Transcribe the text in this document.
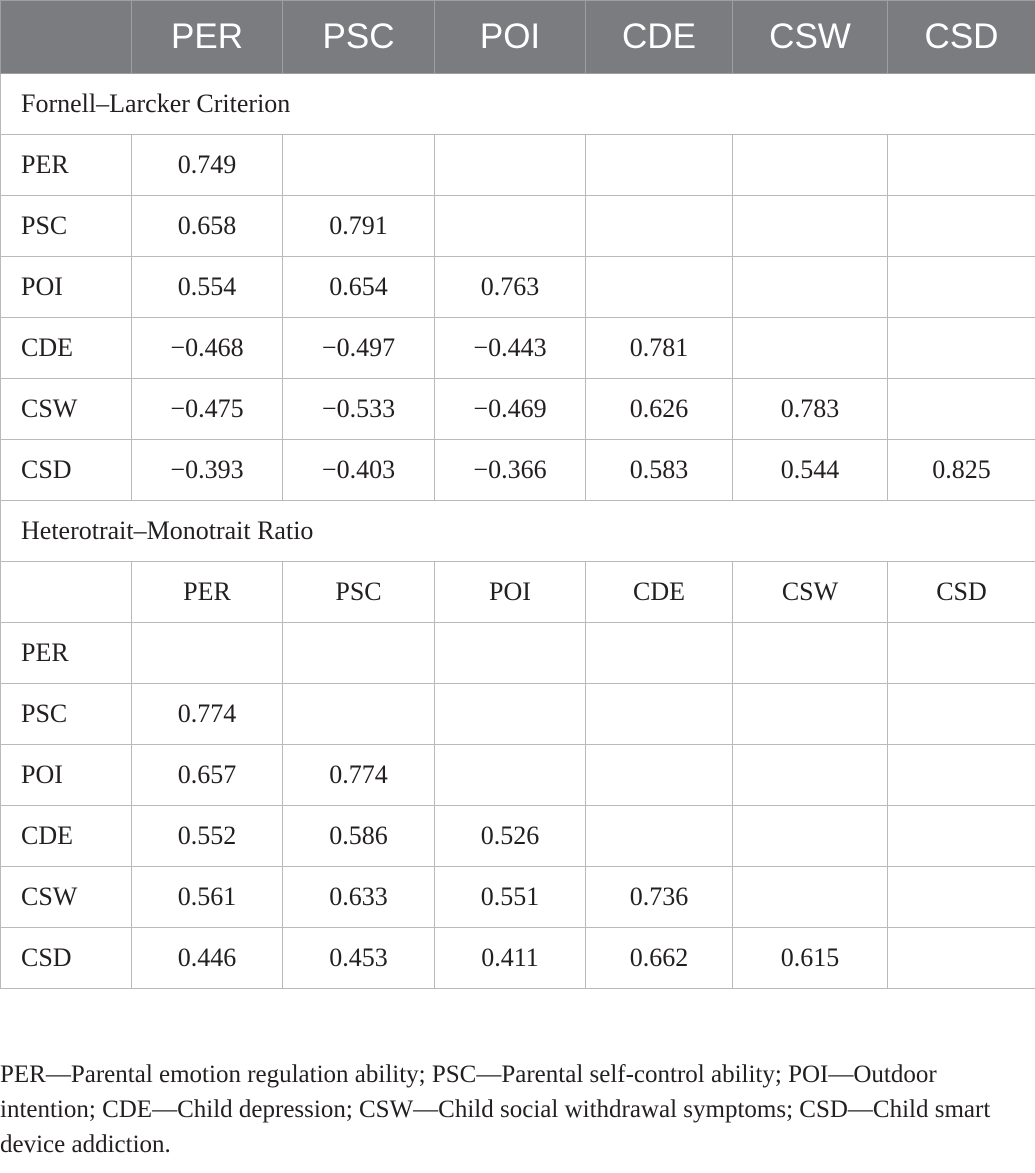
	PER	PSC	POI	CDE	CSW	CSD
Fornell–Larcker Criterion						
PER	0.749					
PSC	0.658	0.791				
POI	0.554	0.654	0.763			
CDE	−0.468	−0.497	−0.443	0.781		
CSW	−0.475	−0.533	−0.469	0.626	0.783	
CSD	−0.393	−0.403	−0.366	0.583	0.544	0.825
Heterotrait–Monotrait Ratio						
	PER	PSC	POI	CDE	CSW	CSD
PER						
PSC	0.774					
POI	0.657	0.774				
CDE	0.552	0.586	0.526			
CSW	0.561	0.633	0.551	0.736		
CSD	0.446	0.453	0.411	0.662	0.615	

PER—Parental emotion regulation ability; PSC—Parental self-control ability; POI—Outdoor intention; CDE—Child depression; CSW—Child social withdrawal symptoms; CSD—Child smart device addiction.
